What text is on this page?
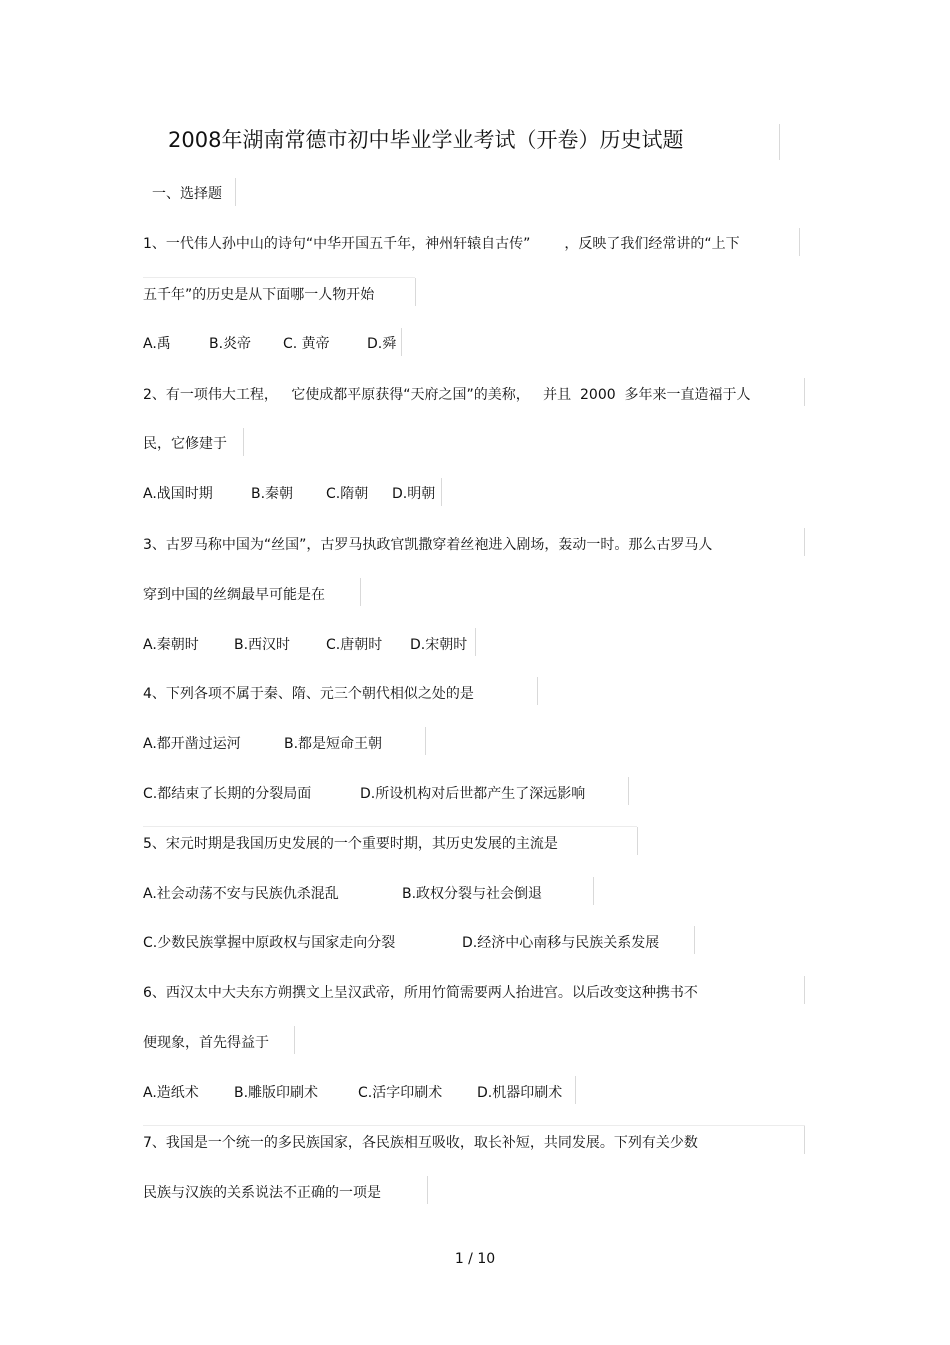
2008年湖南常德市初中毕业学业考试（开卷）历史试题
一、选择题
1、一代伟人孙中山的诗句“中华开国五千年，神州轩辕自古传” ，反映了我们经常讲的“上下
五千年”的历史是从下面哪一人物开始
A.禹	B.炎帝 C. 黄帝	D.舜
2、有一项伟大工程，   它使成都平原获得“天府之国”的美称，   并且  2000  多年来一直造福于人
民，它修建于
A.战国时期	B.秦朝 C.隋朝 D.明朝
3、古罗马称中国为“丝国”，古罗马执政官凯撒穿着丝袍进入剧场，轰动一时。那么古罗马人
穿到中国的丝绸最早可能是在
A.秦朝时	B.西汉时	C.唐朝时 D.宋朝时
4、下列各项不属于秦、隋、元三个朝代相似之处的是
A.都开凿过运河	B.都是短命王朝
C.都结束了长期的分裂局面	D.所设机构对后世都产生了深远影响
5、宋元时期是我国历史发展的一个重要时期，其历史发展的主流是
A.社会动荡不安与民族仇杀混乱	B.政权分裂与社会倒退
C.少数民族掌握中原政权与国家走向分裂	D.经济中心南移与民族关系发展
6、西汉太中大夫东方朔撰文上呈汉武帝，所用竹简需要两人抬进宫。以后改变这种携书不
便现象，首先得益于
A.造纸术	B.雕版印刷术	C.活字印刷术 D.机器印刷术
7、我国是一个统一的多民族国家，各民族相互吸收，取长补短，共同发展。下列有关少数
民族与汉族的关系说法不正确的一项是
1 / 10
